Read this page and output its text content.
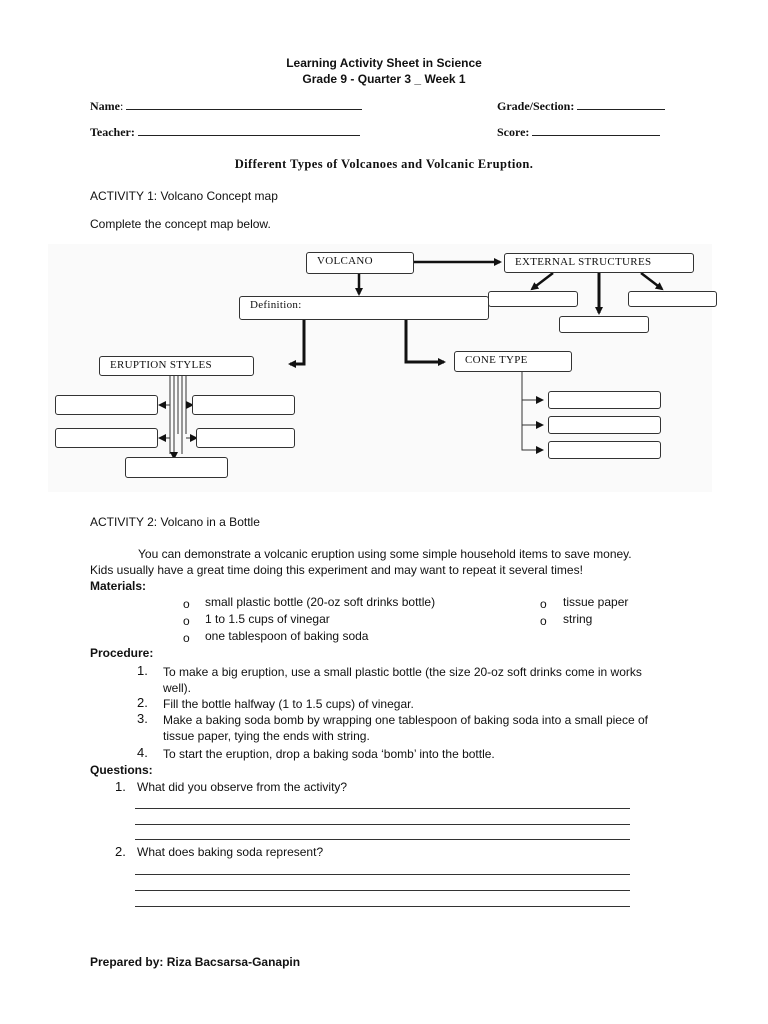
Learning Activity Sheet in Science
Grade 9 - Quarter 3 _ Week 1
Name:	Grade/Section:
Teacher:	Score:
Different Types of Volcanoes and Volcanic Eruption.
ACTIVITY 1: Volcano Concept map
Complete the concept map below.
VOLCANO	EXTERNAL STRUCTURES
Definition:
ERUPTION STYLES	CONE TYPE
ACTIVITY 2: Volcano in a Bottle
You can demonstrate a volcanic eruption using some simple household items to save money.
Kids usually have a great time doing this experiment and may want to repeat it several times!
Materials:
o small plastic bottle (20-oz soft drinks bottle)
o 1 to 1.5 cups of vinegar
o one tablespoon of baking soda
o tissue paper
o string
Procedure:
1. To make a big eruption, use a small plastic bottle (the size 20-oz soft drinks come in works
well).
2. Fill the bottle halfway (1 to 1.5 cups) of vinegar.
3. Make a baking soda bomb by wrapping one tablespoon of baking soda into a small piece of
tissue paper, tying the ends with string.
4. To start the eruption, drop a baking soda ‘bomb’ into the bottle.
Questions:
1. What did you observe from the activity?
2. What does baking soda represent?
Prepared by: Riza Bacsarsa-Ganapin
